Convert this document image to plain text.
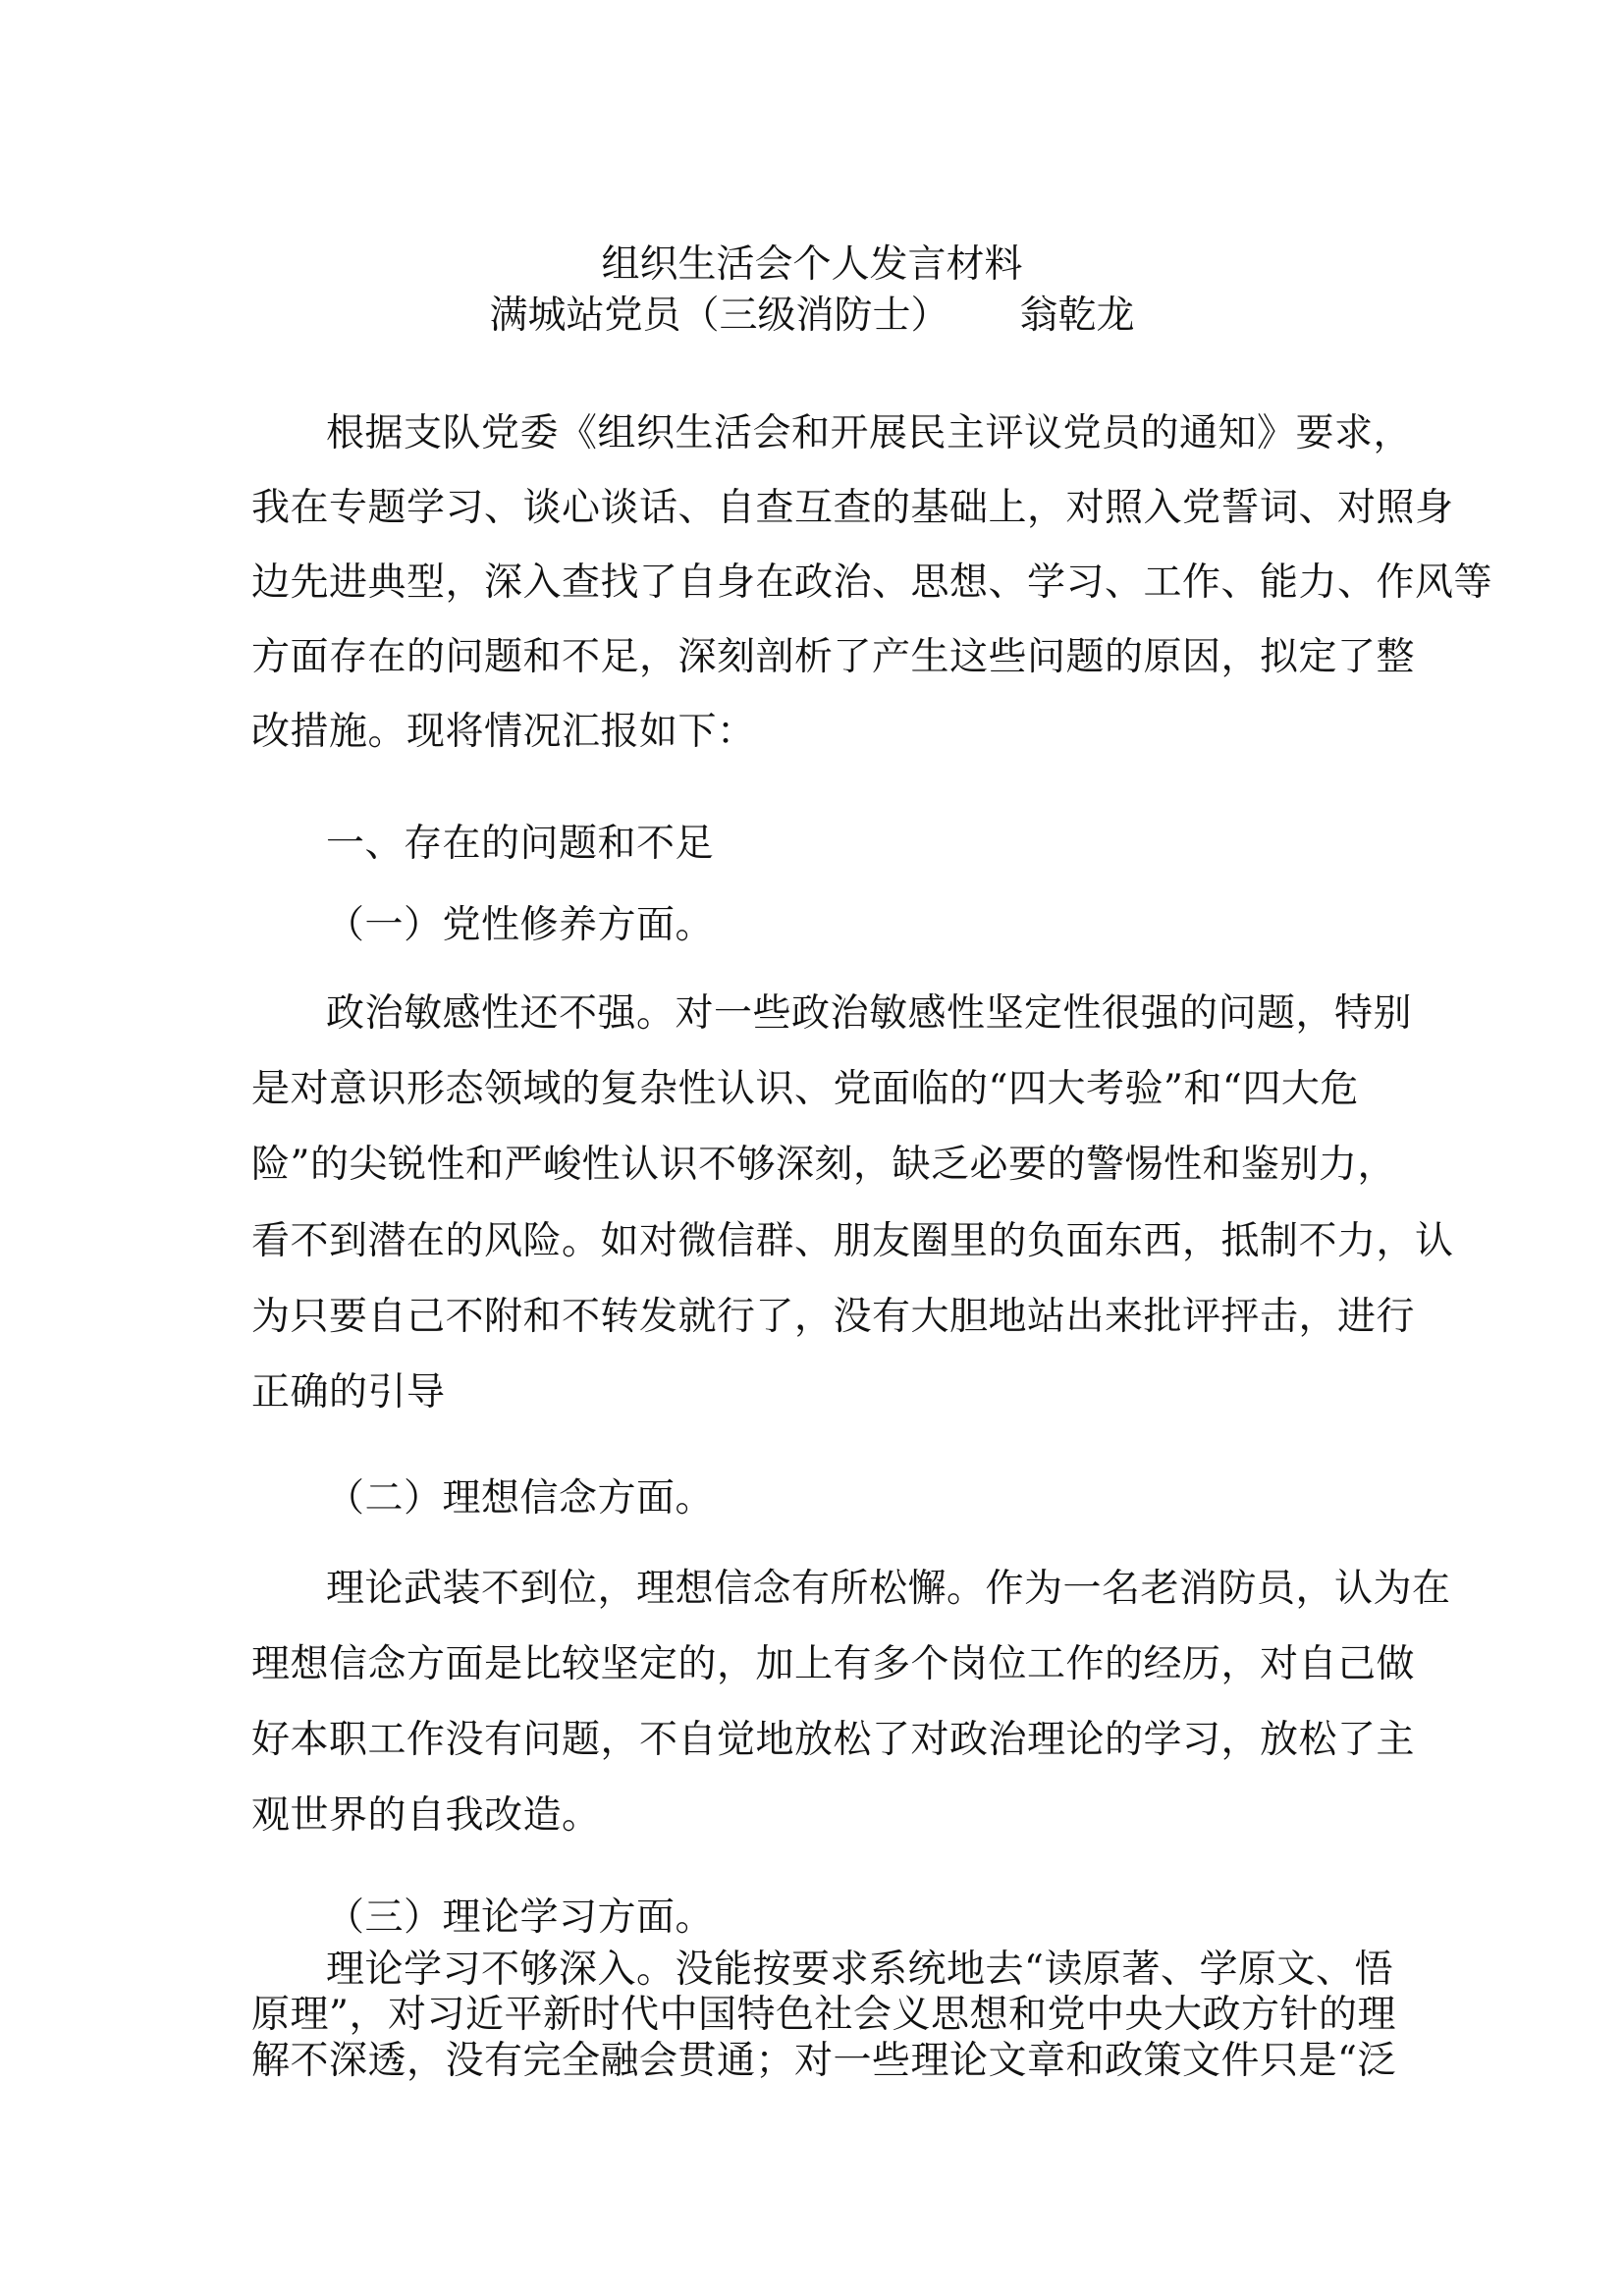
组织生活会个人发言材料
满城站党员（三级消防士） 翁乾龙
根据支队党委《组织生活会和开展民主评议党员的通知》要求，
我在专题学习、谈心谈话、自查互查的基础上，对照入党誓词、对照身
边先进典型，深入查找了自身在政治、思想、学习、工作、能力、作风等
方面存在的问题和不足，深刻剖析了产生这些问题的原因，拟定了整
改措施。现将情况汇报如下：
一、存在的问题和不足
（一）党性修养方面。
政治敏感性还不强。对一些政治敏感性坚定性很强的问题，特别
是对意识形态领域的复杂性认识、党面临的“四大考验”和“四大危
险”的尖锐性和严峻性认识不够深刻，缺乏必要的警惕性和鉴别力，
看不到潜在的风险。如对微信群、朋友圈里的负面东西，抵制不力，认
为只要自己不附和不转发就行了，没有大胆地站出来批评抨击，进行
正确的引导
（二）理想信念方面。
理论武装不到位，理想信念有所松懈。作为一名老消防员，认为在
理想信念方面是比较坚定的，加上有多个岗位工作的经历，对自己做
好本职工作没有问题，不自觉地放松了对政治理论的学习，放松了主
观世界的自我改造。
（三）理论学习方面。
理论学习不够深入。没能按要求系统地去“读原著、学原文、悟
原理”，对习近平新时代中国特色社会义思想和党中央大政方针的理
解不深透，没有完全融会贯通；对一些理论文章和政策文件只是“泛
